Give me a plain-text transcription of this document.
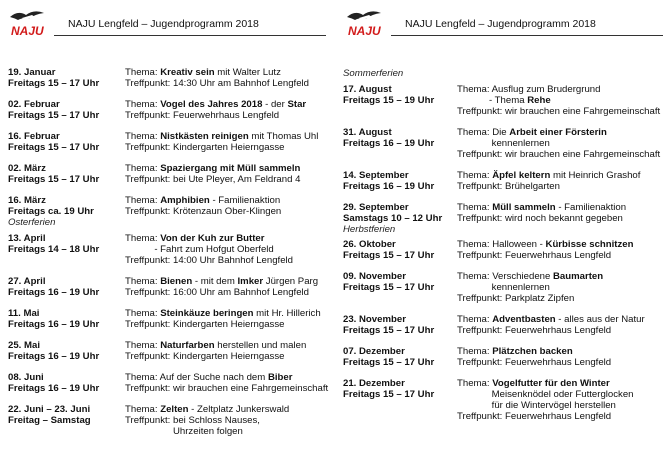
NAJU NAJU Lengfeld – Jugendprogramm 2018
19. Januar
Freitags 15 – 17 Uhr
Thema: Kreativ sein mit Walter Lutz
Treffpunkt: 14:30 Uhr am Bahnhof Lengfeld
02. Februar
Freitags 15 – 17 Uhr
Thema: Vogel des Jahres 2018 - der Star
Treffpunkt: Feuerwehrhaus Lengfeld
16. Februar
Freitags 15 – 17 Uhr
Thema: Nistkästen reinigen mit Thomas Uhl
Treffpunkt: Kindergarten Heierngasse
02. März
Freitags 15 – 17 Uhr
Thema: Spaziergang mit Müll sammeln
Treffpunkt: bei Ute Pleyer, Am Feldrand 4
16. März
Freitags ca. 19 Uhr
Thema: Amphibien - Familienaktion
Treffpunkt: Krötenzaun Ober-Klingen
Osterferien
13. April
Freitags 14 – 18 Uhr
Thema: Von der Kuh zur Butter
- Fahrt zum Hofgut Oberfeld
Treffpunkt: 14:00 Uhr Bahnhof Lengfeld
27. April
Freitags 16 – 19 Uhr
Thema: Bienen - mit dem Imker Jürgen Parg
Treffpunkt: 16:00 Uhr am Bahnhof Lengfeld
11. Mai
Freitags 16 – 19 Uhr
Thema: Steinkäuze beringen mit Hr. Hillerich
Treffpunkt: Kindergarten Heierngasse
25. Mai
Freitags 16 – 19 Uhr
Thema: Naturfarben herstellen und malen
Treffpunkt: Kindergarten Heierngasse
08. Juni
Freitags 16 – 19 Uhr
Thema: Auf der Suche nach dem Biber
Treffpunkt: wir brauchen eine Fahrgemeinschaft
22. Juni – 23. Juni
Freitag – Samstag
Thema: Zelten - Zeltplatz Junkerswald
Treffpunkt: bei Schloss Nauses,
Uhrzeiten folgen
NAJU NAJU Lengfeld – Jugendprogramm 2018
Sommerferien
17. August
Freitags 15 – 19 Uhr
Thema: Ausflug zum Brudergrund
- Thema Rehe
Treffpunkt: wir brauchen eine Fahrgemeinschaft
31. August
Freitags 16 – 19 Uhr
Thema: Die Arbeit einer Försterin
kennenlernen
Treffpunkt: wir brauchen eine Fahrgemeinschaft
14. September
Freitags 16 – 19 Uhr
Thema: Äpfel keltern mit Heinrich Grashof
Treffpunkt: Brühelgarten
29. September
Samstags 10 – 12 Uhr
Thema: Müll sammeln - Familienaktion
Treffpunkt: wird noch bekannt gegeben
Herbstferien
26. Oktober
Freitags 15 – 17 Uhr
Thema: Halloween - Kürbisse schnitzen
Treffpunkt: Feuerwehrhaus Lengfeld
09. November
Freitags 15 – 17 Uhr
Thema: Verschiedene Baumarten
kennenlernen
Treffpunkt: Parkplatz Zipfen
23. November
Freitags 15 – 17 Uhr
Thema: Adventbasten - alles aus der Natur
Treffpunkt: Feuerwehrhaus Lengfeld
07. Dezember
Freitags 15 – 17 Uhr
Thema: Plätzchen backen
Treffpunkt: Feuerwehrhaus Lengfeld
21. Dezember
Freitags 15 – 17 Uhr
Thema: Vogelfutter für den Winter
Meisenknödel oder Futterglocken
für die Wintervögel herstellen
Treffpunkt: Feuerwehrhaus Lengfeld
